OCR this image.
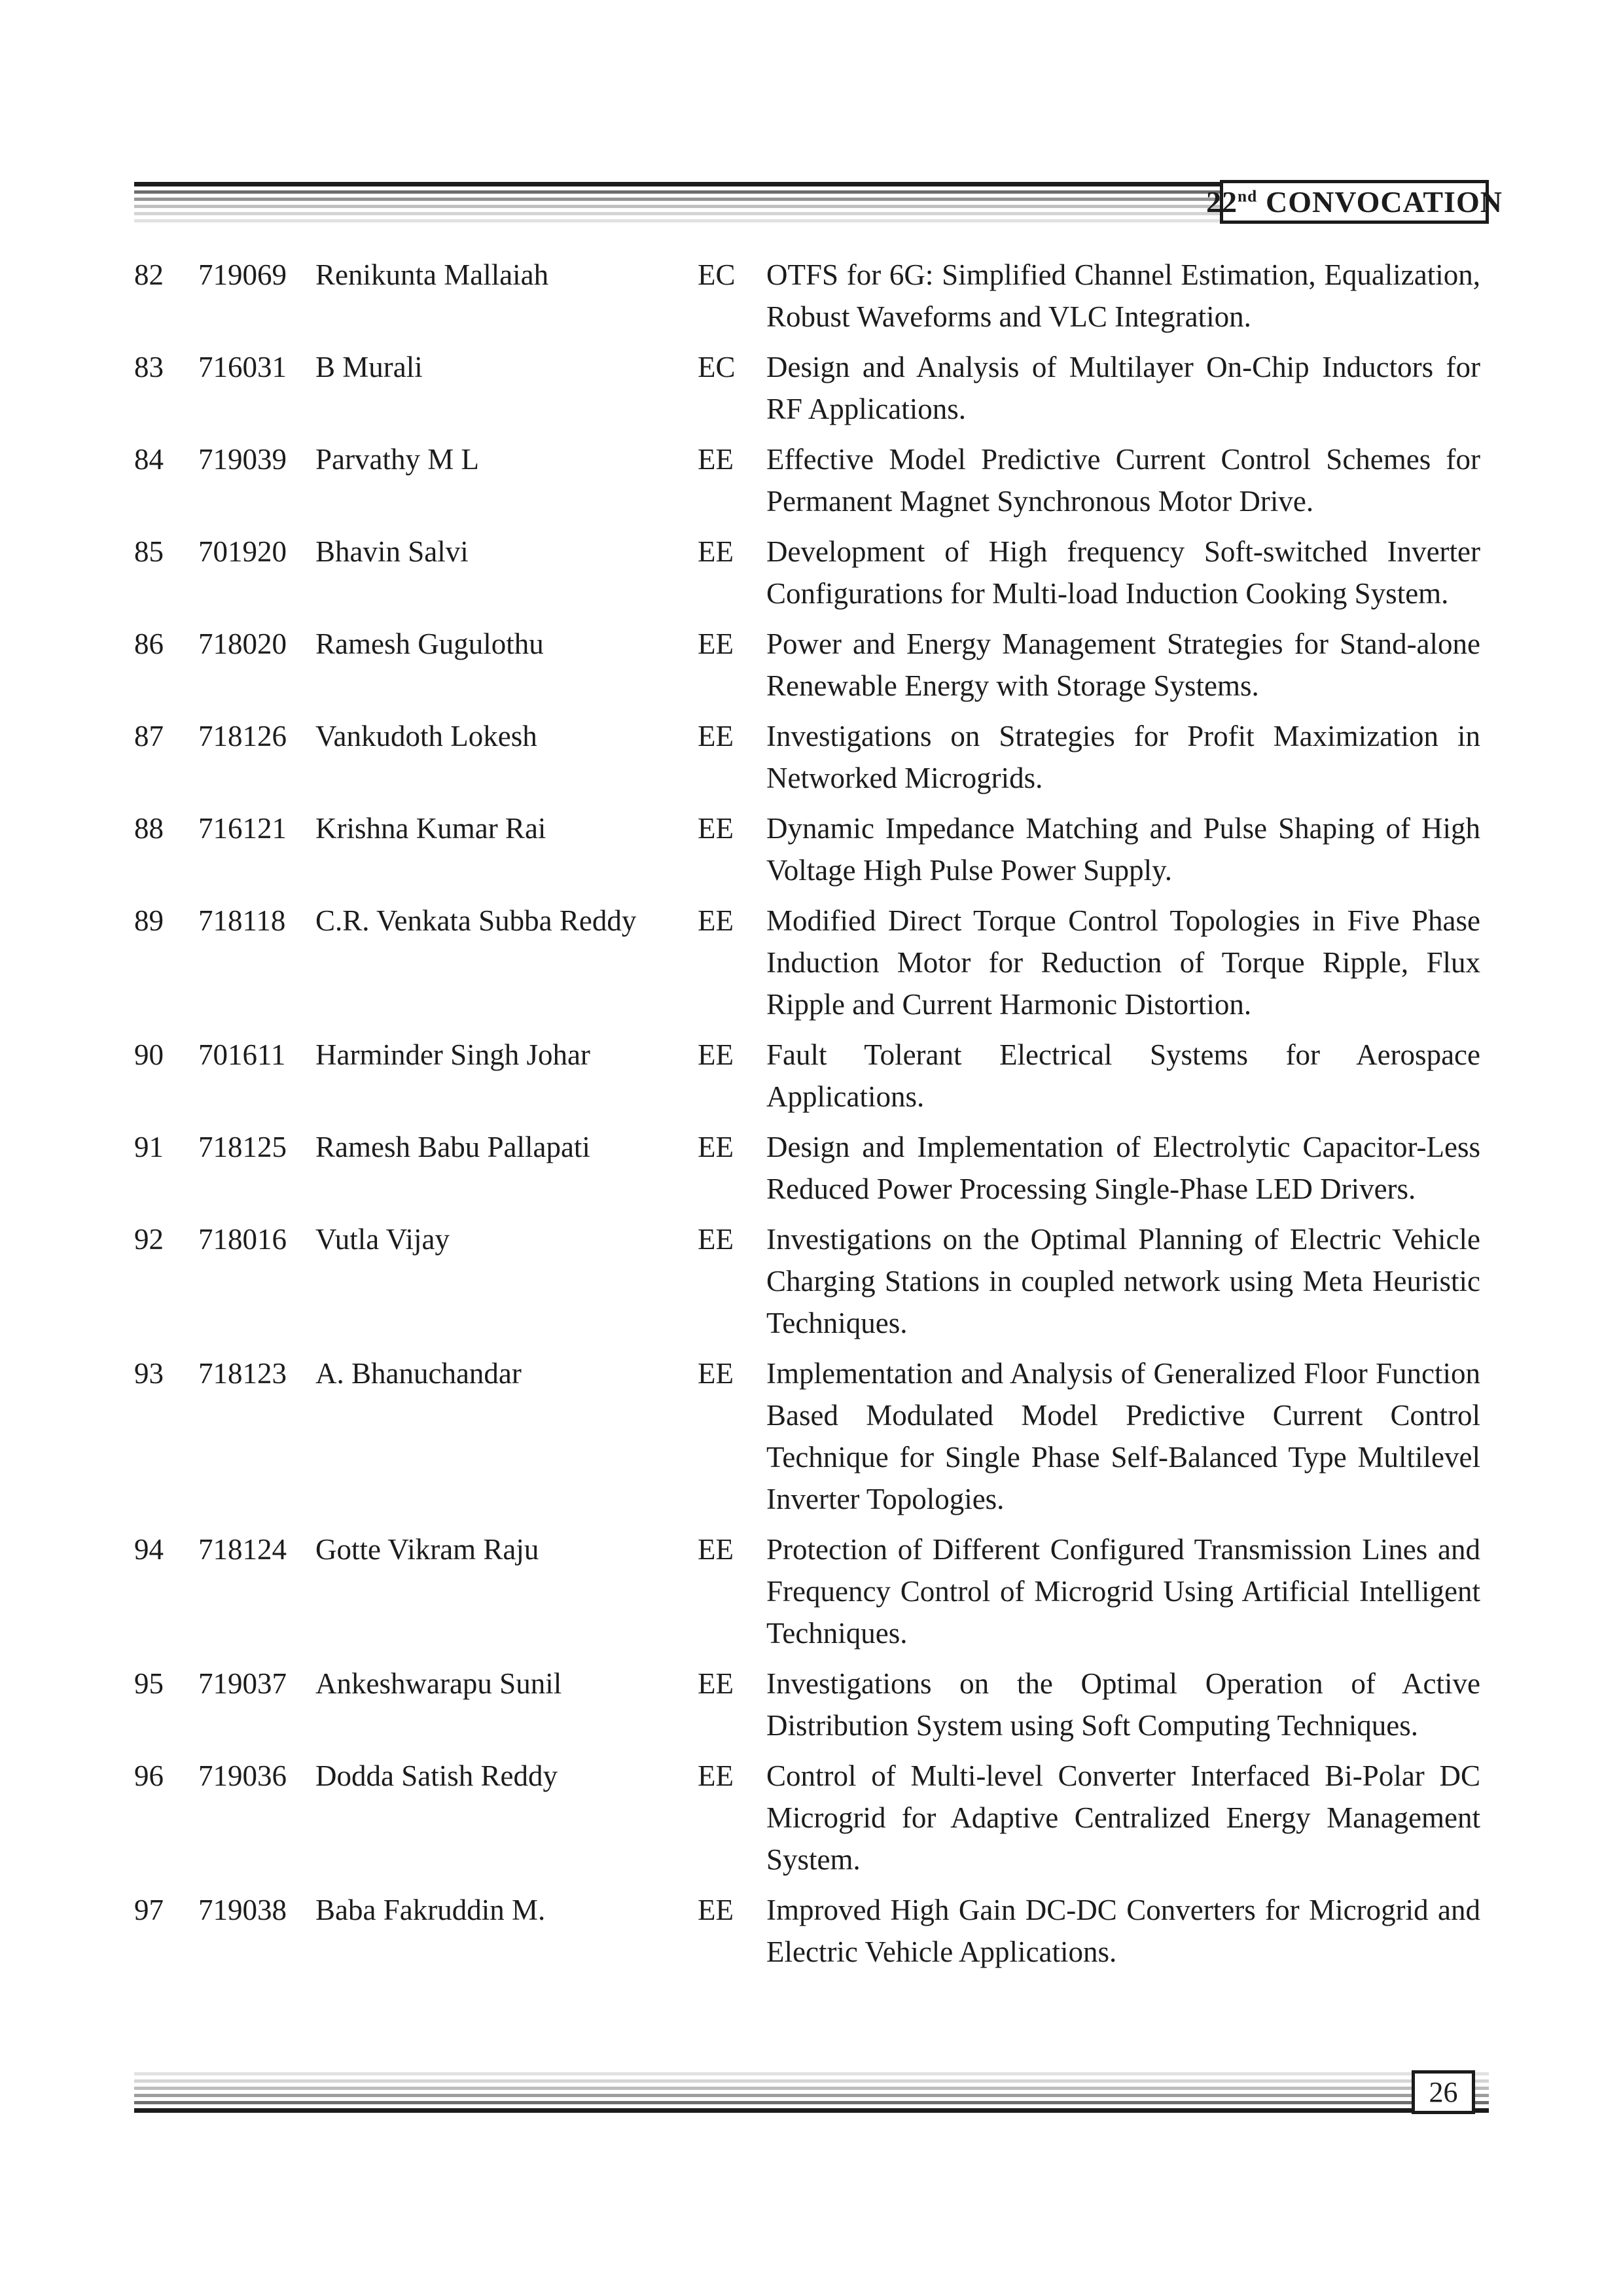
22nd CONVOCATION
82	719069 Renikunta Mallaiah	EC	OTFS for 6G: Simplified Channel Estimation, Equalization, Robust Waveforms and VLC Integration.
83	716031 B Murali	EC	Design and Analysis of Multilayer On-Chip Inductors for RF Applications.
84	719039 Parvathy M L	EE	Effective Model Predictive Current Control Schemes for Permanent Magnet Synchronous Motor Drive.
85	701920 Bhavin Salvi	EE	Development of High frequency Soft-switched Inverter Configurations for Multi-load Induction Cooking System.
86	718020 Ramesh Gugulothu	EE	Power and Energy Management Strategies for Stand-alone Renewable Energy with Storage Systems.
87	718126 Vankudoth Lokesh	EE	Investigations on Strategies for Profit Maximization in Networked Microgrids.
88	716121 Krishna Kumar Rai	EE	Dynamic Impedance Matching and Pulse Shaping of High Voltage High Pulse Power Supply.
89	718118	C.R. Venkata Subba Reddy	EE	Modified Direct Torque Control Topologies in Five Phase Induction Motor for Reduction of Torque Ripple, Flux Ripple and Current Harmonic Distortion.
90	701611	Harminder Singh Johar	EE	Fault Tolerant Electrical Systems for Aerospace Applications.
91	718125 Ramesh Babu Pallapati	EE	Design and Implementation of Electrolytic Capacitor-Less Reduced Power Processing Single-Phase LED Drivers.
92	718016 Vutla Vijay	EE	Investigations on the Optimal Planning of Electric Vehicle Charging Stations in coupled network using Meta Heuristic Techniques.
93	718123 A. Bhanuchandar	EE	Implementation and Analysis of Generalized Floor Function Based Modulated Model Predictive Current Control Technique for Single Phase Self-Balanced Type Multilevel Inverter Topologies.
94	718124 Gotte Vikram Raju	EE	Protection of Different Configured Transmission Lines and Frequency Control of Microgrid Using Artificial Intelligent Techniques.
95	719037 Ankeshwarapu Sunil	EE	Investigations on the Optimal Operation of Active Distribution System using Soft Computing Techniques.
96	719036 Dodda Satish Reddy	EE	Control of Multi-level Converter Interfaced Bi-Polar DC Microgrid for Adaptive Centralized Energy Management System.
97	719038 Baba Fakruddin M.	EE	Improved High Gain DC-DC Converters for Microgrid and Electric Vehicle Applications.
26
